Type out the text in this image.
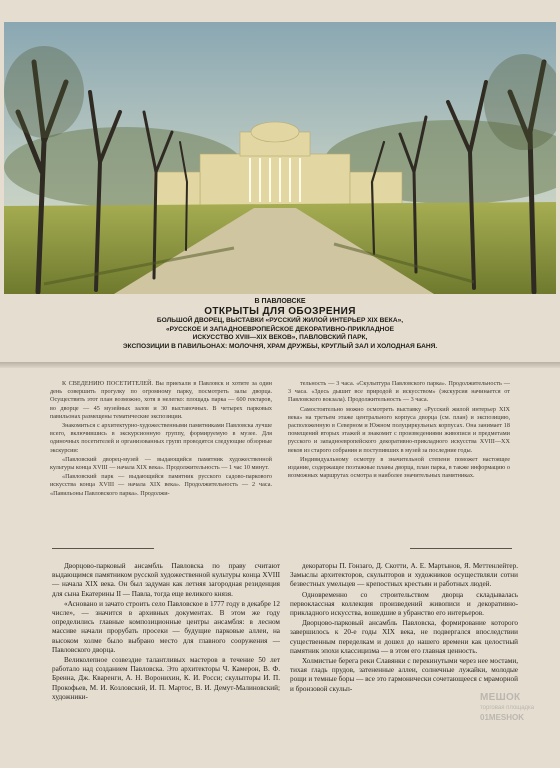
В ПАВЛОВСКЕ
ОТКРЫТЫ ДЛЯ ОБОЗРЕНИЯ
БОЛЬШОЙ ДВОРЕЦ, ВЫСТАВКИ «РУССКИЙ ЖИЛОЙ ИНТЕРЬЕР XIX ВЕКА»,
«РУССКОЕ И ЗАПАДНОЕВРОПЕЙСКОЕ ДЕКОРАТИВНО-ПРИКЛАДНОЕ
ИСКУССТВО XVIII—XIX ВЕКОВ», ПАВЛОВСКИЙ ПАРК,
ЭКСПОЗИЦИИ В ПАВИЛЬОНАХ: МОЛОЧНЯ, ХРАМ ДРУЖБЫ, КРУГЛЫЙ ЗАЛ И ХОЛОДНАЯ БАНЯ.

К СВЕДЕНИЮ ПОСЕТИТЕЛЕЙ. Вы приехали в Павловск и хотите за один день совершить прогулку по огромному парку, посмотреть залы дворца. Осуществить этот план возможно, хотя в нелегко: площадь парка — 600 гектаров, во дворце — 45 музейных залов и 30 выставочных. В четырех парковых павильонах размещены тематические экспозиции.

Знакомиться с архитектурно-художественными памятниками Павловска лучше всего, включившись в экскурсионную группу, формируемую в музее. Для одиночных посетителей и организованных групп проводятся следующие обзорные экскурсии:

«Павловский дворец-музей — выдающийся памятник художественной культуры конца XVIII — начала XIX века». Продолжительность — 1 час 10 минут.

«Павловский парк — выдающийся памятник русского садово-паркового искусства конца XVIII — начала XIX века». Продолжительность — 2 часа. «Павильоны Павловского парка». Продолжи-

тельность — 3 часа. «Скульптура Павловского парка». Продолжительность — 3 часа. «Здесь дышит все природой и искусством» (экскурсия начинается от Павловского вокзала). Продолжительность — 3 часа.

Самостоятельно можно осмотреть выставку «Русский жилой интерьер XIX века» на третьем этаже центрального корпуса дворца (см. план) и экспозицию, расположенную в Северном и Южном полуциркульных корпусах. Она занимает 18 помещений вторых этажей и знакомит с произведениями живописи и предметами русского и западноевропейского декоративно-прикладного искусства XVIII—XX веков из старого собрания и поступивших в музей за последние годы.

Индивидуальному осмотру в значительной степени поможет настоящее издание, содержащее поэтажные планы дворца, план парка, в также информацию о возможных маршрутах осмотра и наиболее значительных памятниках.

Дворцово-парковый ансамбль Павловска по праву считают выдающимся памятником русской художественной культуры конца XVIII — начала XIX века. Он был задуман как летняя загородная резиденция для сына Екатерины II — Павла, тогда еще великого князя.

«Асновано и зачато строить село Павловское в 1777 году в декабре 12 числе», — значится в архивных документах. В этом же году определились главные композиционные центры ансамбля: в лесном массиве начали прорубать просеки — будущие парковые аллеи, на высоком холме было выбрано место для главного сооружения — Павловского дворца.

Великолепное созвездие талантливых мастеров в течение 50 лет работало над созданием Павловска. Это архитекторы Ч. Камерон, В. Ф. Бренна, Дж. Кваренги, А. Н. Воронихин, К. И. Росси; скульпторы И. П. Прокофьев, М. И. Козловский, И. П. Мартос, В. И. Демут-Малиновский; художники-

декораторы П. Гонзаго, Д. Скотти, А. Е. Мартынов, Я. Меттенлейтер. Замыслы архитекторов, скульпторов и художников осуществляли сотни безвестных умельцев — крепостных крестьян и работных людей.

Одновременно со строительством дворца складывалась первоклассная коллекция произведений живописи и декоративно-прикладного искусства, вошедшие в убранство его интерьеров.

Дворцово-парковый ансамбль Павловска, формирование которого завершилось к 20-е годы XIX века, не подвергался впоследствии существенным переделкам и дошел до нашего времени как целостный памятник эпохи классицизма — в этом его главная ценность.

Холмистые берега реки Славянки с перекинутыми через нее мостами, тихая гладь прудов, затененные аллеи, солнечные лужайки, молодые рощи и темные боры — все это гармонически сочетающееся с мраморной и бронзовой скульп-

МЕШОК
торговая площадка
01MESHOK
